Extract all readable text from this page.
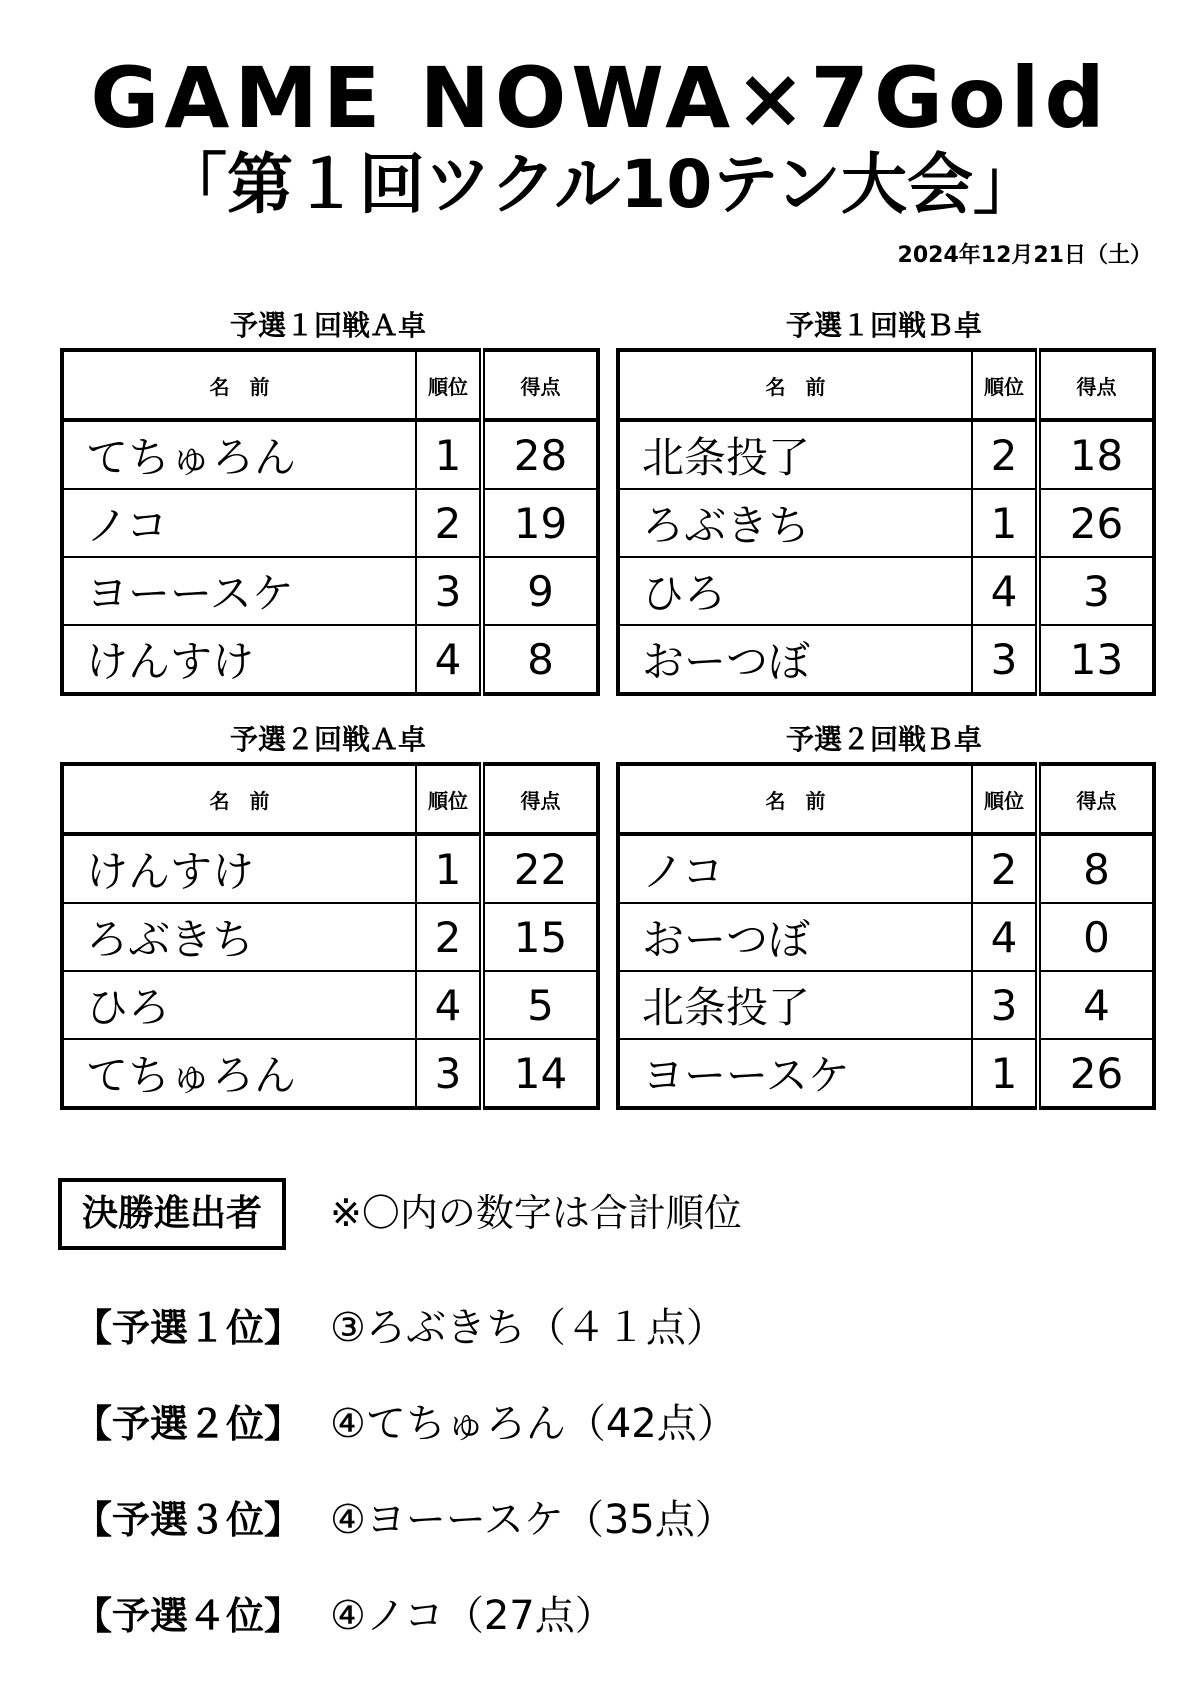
GAME NOWA×7Gold
「第１回ツクル10テン大会」
2024年12月21日（土）
予選１回戦Ａ卓
名　前	順位	得点
てちゅろん	1	28
ノコ	2	19
ヨーースケ	3	9
けんすけ	4	8
予選１回戦Ｂ卓
名　前	順位	得点
北条投了	2	18
ろぶきち	1	26
ひろ	4	3
おーつぼ	3	13
予選２回戦Ａ卓
名　前	順位	得点
けんすけ	1	22
ろぶきち	2	15
ひろ	4	5
てちゅろん	3	14
予選２回戦Ｂ卓
名　前	順位	得点
ノコ	2	8
おーつぼ	4	0
北条投了	3	4
ヨーースケ	1	26
決勝進出者	※〇内の数字は合計順位
【予選１位】 ③ろぶきち（４１点）
【予選２位】 ④てちゅろん（42点）
【予選３位】 ④ヨーースケ（35点）
【予選４位】 ④ノコ（27点）
